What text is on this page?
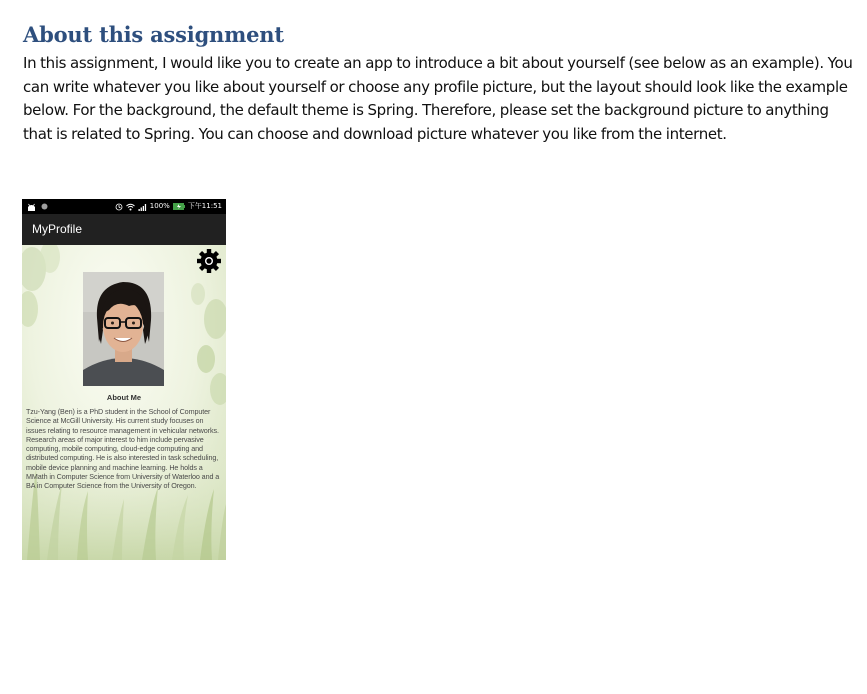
About this assignment

In this assignment, I would like you to create an app to introduce a bit about yourself (see below as an example). You can write whatever you like about yourself or choose any profile picture, but the layout should look like the example below. For the background, the default theme is Spring. Therefore, please set the background picture to anything that is related to Spring. You can choose and download picture whatever you like from the internet.

100%	下午11:51
MyProfile
About Me
Tzu-Yang (Ben) is a PhD student in the School of Computer Science at McGill University. His current study focuses on issues relating to resource management in vehicular networks. Research areas of major interest to him include pervasive computing, mobile computing, cloud-edge computing and distributed computing. He is also interested in task scheduling, mobile device planning and machine learning. He holds a MMath in Computer Science from University of Waterloo and a BA in Computer Science from the University of Oregon.
